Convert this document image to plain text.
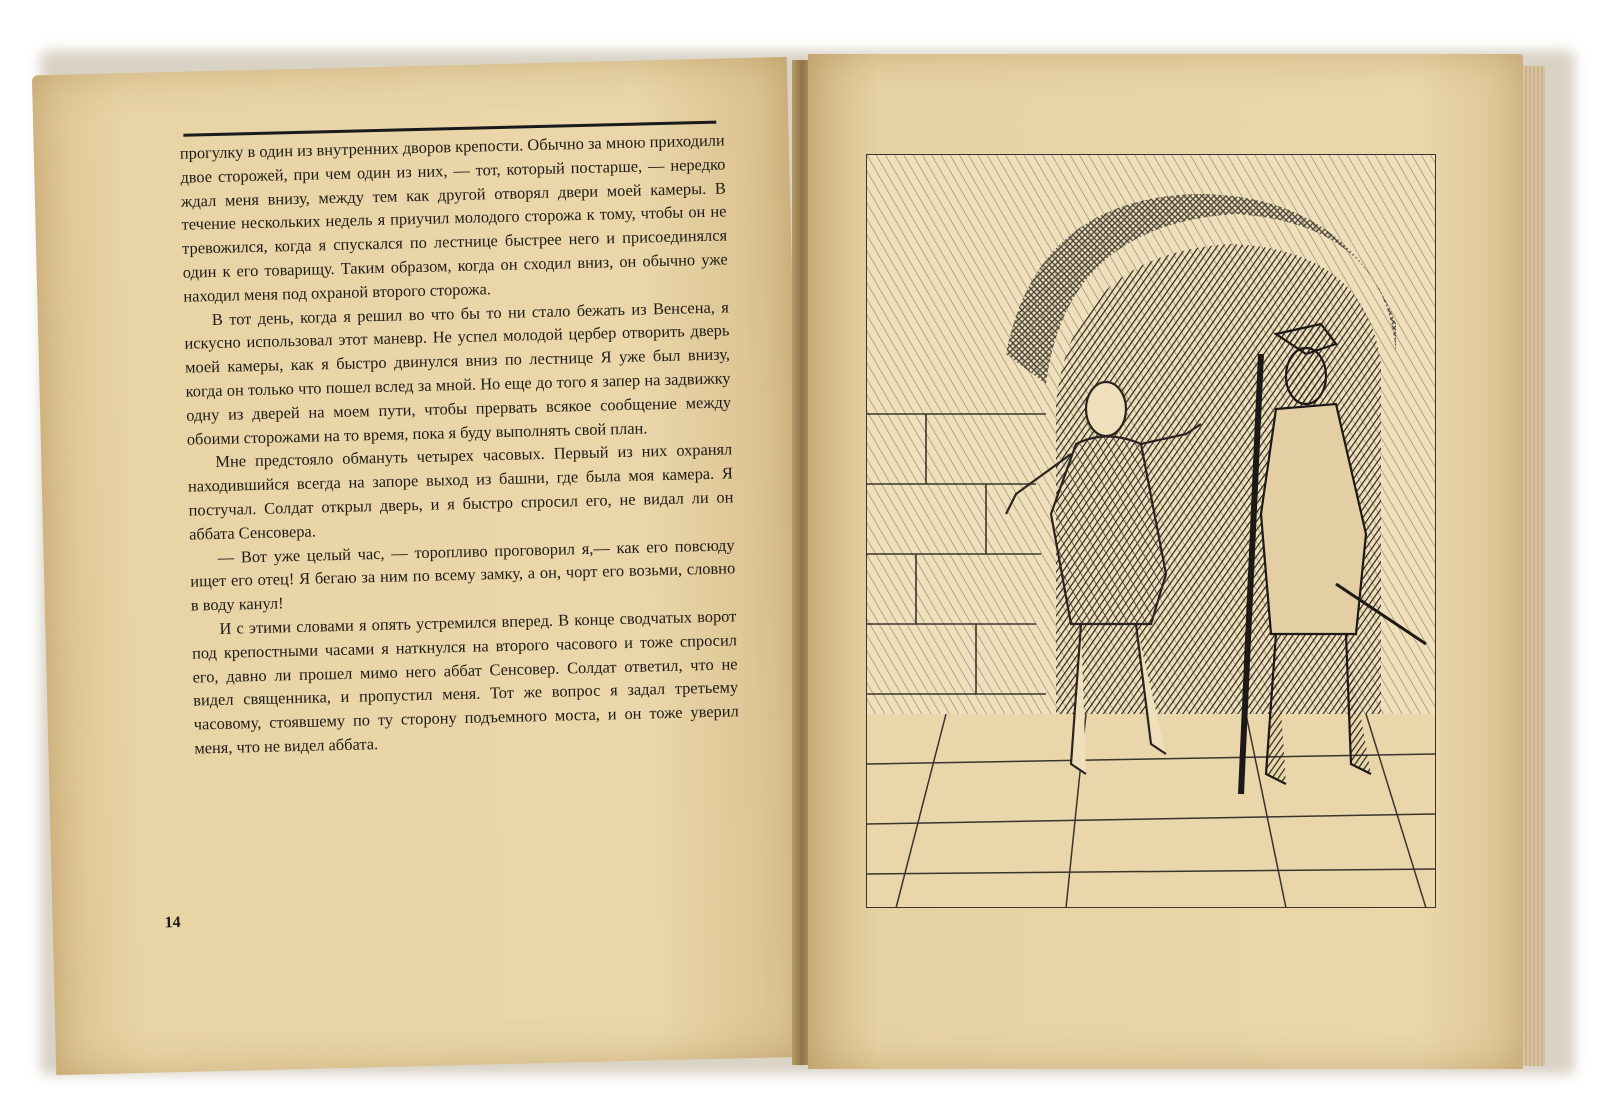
прогулку в один из внутренних дворов крепости. Обычно за мною приходили двое сторожей, при чем один из них, — тот, который постарше, — нередко ждал меня внизу, между тем как другой отворял двери моей камеры. В течение нескольких недель я приучил молодого сторожа к тому, чтобы он не тревожился, когда я спускался по лестнице быстрее него и присоединялся один к его товарищу. Таким образом, когда он сходил вниз, он обычно уже находил меня под охраной второго сторожа.

В тот день, когда я решил во что бы то ни стало бежать из Венсена, я искусно использовал этот маневр. Не успел молодой цербер отворить дверь моей камеры, как я быстро двинулся вниз по лестнице Я уже был внизу, когда он только что пошел вслед за мной. Но еще до того я запер на задвижку одну из дверей на моем пути, чтобы прервать всякое сообщение между обоими сторожами на то время, пока я буду выполнять свой план.

Мне предстояло обмануть четырех часовых. Первый из них охранял находившийся всегда на запоре выход из башни, где была моя камера. Я постучал. Солдат открыл дверь, и я быстро спросил его, не видал ли он аббата Сенсовера.

— Вот уже целый час, — торопливо проговорил я,— как его повсюду ищет его отец! Я бегаю за ним по всему замку, а он, чорт его возьми, словно в воду канул!

И с этими словами я опять устремился вперед. В конце сводчатых ворот под крепостными часами я наткнулся на второго часового и тоже спросил его, давно ли прошел мимо него аббат Сенсовер. Солдат ответил, что не видел священника, и пропустил меня. Тот же вопрос я задал третьему часовому, стоявшему по ту сторону подъемного моста, и он тоже уверил меня, что не видел аббата.

14
